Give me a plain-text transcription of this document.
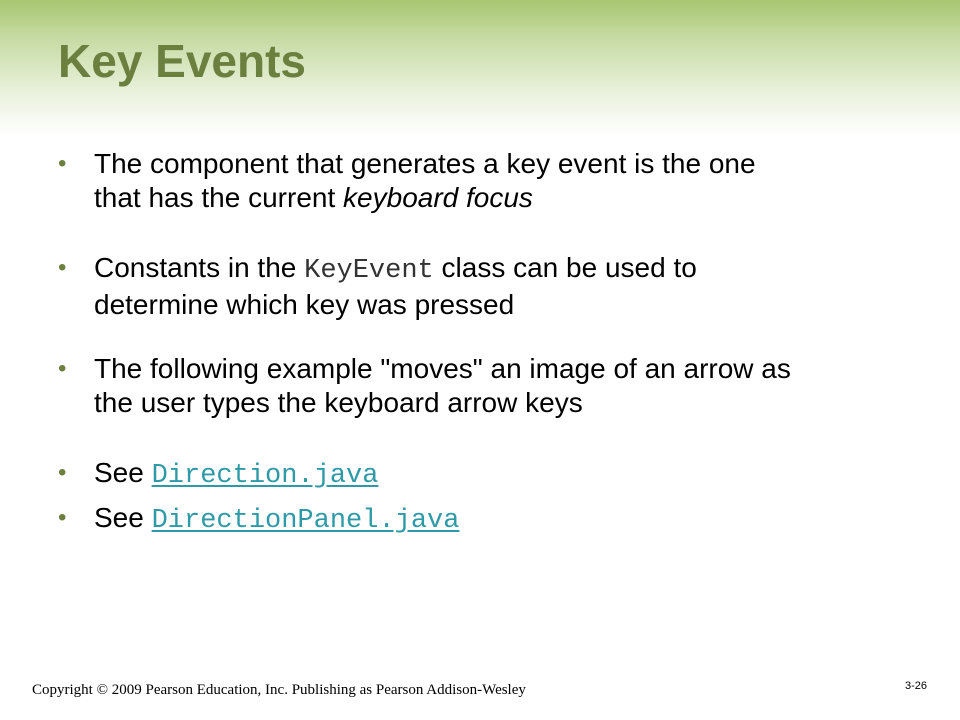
Key Events
• The component that generates a key event is the one
that has the current keyboard focus
• Constants in the KeyEvent class can be used to
determine which key was pressed
• The following example "moves" an image of an arrow as
the user types the keyboard arrow keys
• See Direction.java
• See DirectionPanel.java
Copyright © 2009 Pearson Education, Inc. Publishing as Pearson Addison-Wesley	3-26
